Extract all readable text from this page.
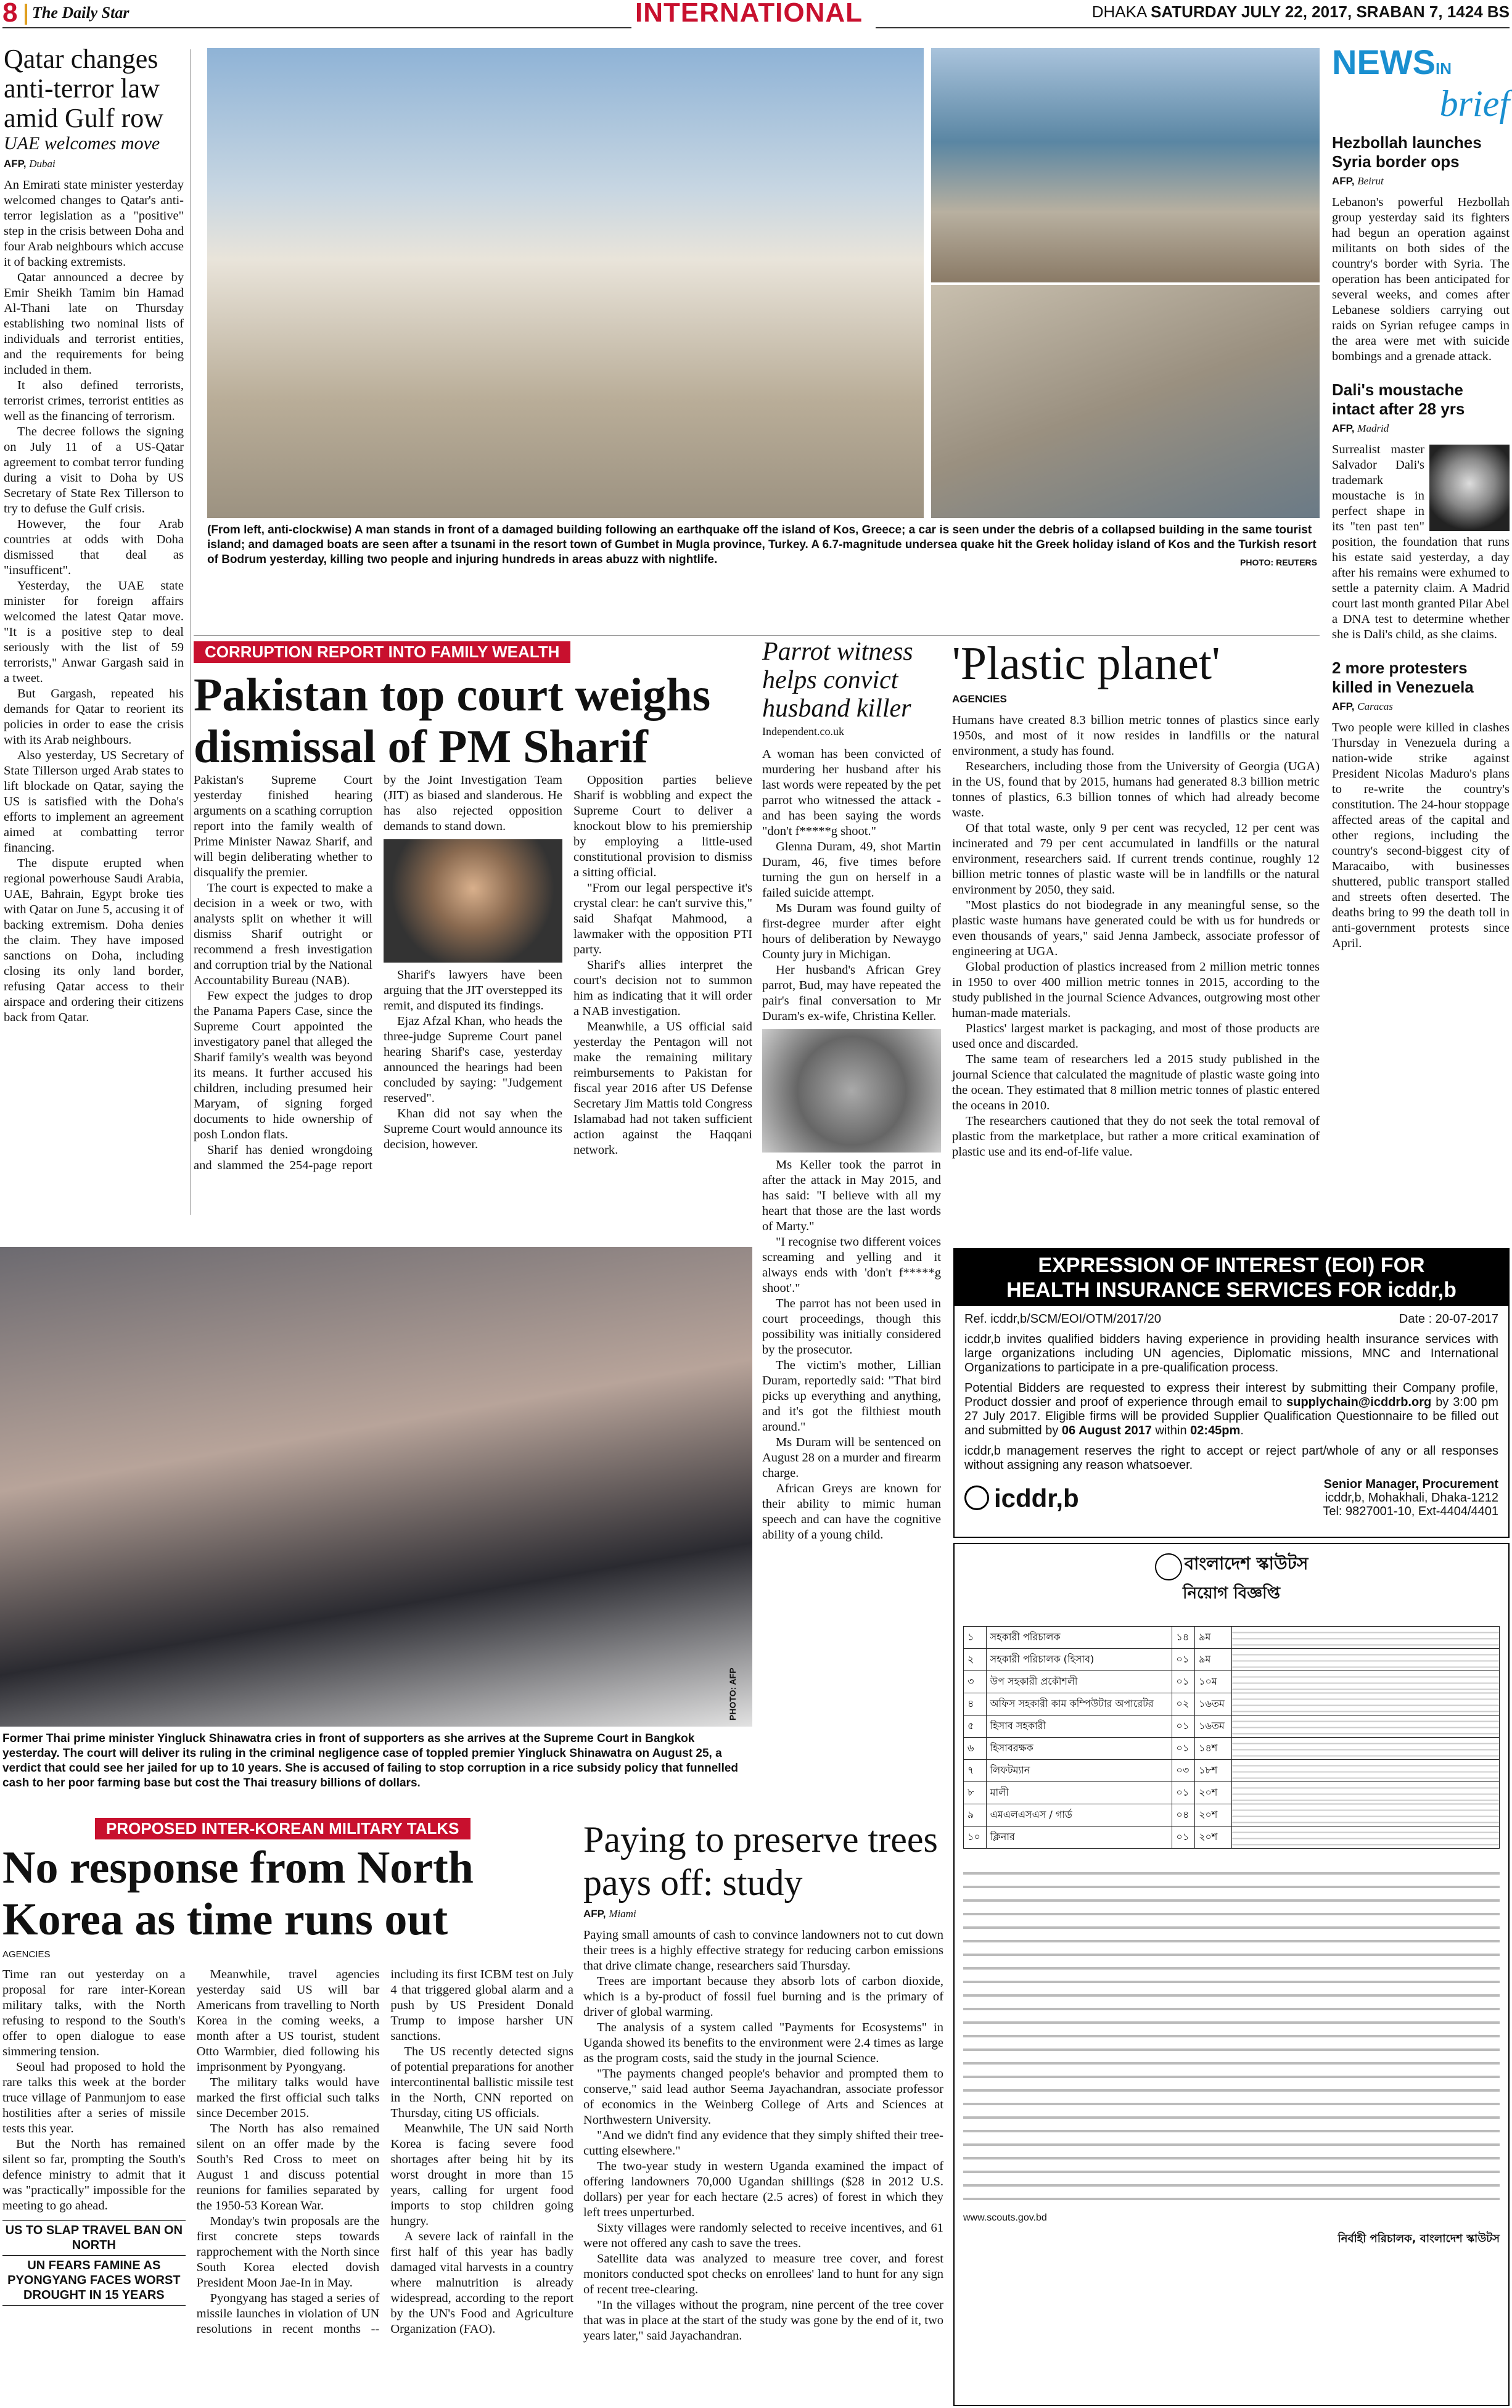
8 The Daily Star	INTERNATIONAL	DHAKA SATURDAY JULY 22, 2017, SRABAN 7, 1424 BS
Qatar changes anti-terror law amid Gulf row
UAE welcomes move
AFP, Dubai

An Emirati state minister yesterday welcomed changes to Qatar's anti-terror legislation as a "positive" step in the crisis between Doha and four Arab neighbours which accuse it of backing extremists.

Qatar announced a decree by Emir Sheikh Tamim bin Hamad Al-Thani late on Thursday establishing two nominal lists of individuals and terrorist entities, and the requirements for being included in them.

It also defined terrorists, terrorist crimes, terrorist entities as well as the financing of terrorism.

The decree follows the signing on July 11 of a US-Qatar agreement to combat terror funding during a visit to Doha by US Secretary of State Rex Tillerson to try to defuse the Gulf crisis.

However, the four Arab countries at odds with Doha dismissed that deal as "insufficent".

Yesterday, the UAE state minister for foreign affairs welcomed the latest Qatar move. "It is a positive step to deal seriously with the list of 59 terrorists," Anwar Gargash said in a tweet.

But Gargash, repeated his demands for Qatar to reorient its policies in order to ease the crisis with its Arab neighbours.

Also yesterday, US Secretary of State Tillerson urged Arab states to lift blockade on Qatar, saying the US is satisfied with the Doha's efforts to implement an agreement aimed at combatting terror financing.

The dispute erupted when regional powerhouse Saudi Arabia, UAE, Bahrain, Egypt broke ties with Qatar on June 5, accusing it of backing extremism. Doha denies the claim. They have imposed sanctions on Doha, including closing its only land border, refusing Qatar access to their airspace and ordering their citizens back from Qatar.

(From left, anti-clockwise) A man stands in front of a damaged building following an earthquake off the island of Kos, Greece; a car is seen under the debris of a collapsed building in the same tourist island; and damaged boats are seen after a tsunami in the resort town of Gumbet in Mugla province, Turkey. A 6.7-magnitude undersea quake hit the Greek holiday island of Kos and the Turkish resort of Bodrum yesterday, killing two people and injuring hundreds in areas abuzz with nightlife.	PHOTO: REUTERS
NEWSIN
brief
Hezbollah launches Syria border ops
AFP, Beirut

Lebanon's powerful Hezbollah group yesterday said its fighters had begun an operation against militants on both sides of the country's border with Syria. The operation has been anticipated for several weeks, and comes after Lebanese soldiers carrying out raids on Syrian refugee camps in the area were met with suicide bombings and a grenade attack.

Dali's moustache intact after 28 yrs
AFP, Madrid

Surrealist master Salvador Dali's trademark moustache is in perfect shape in its "ten past ten" position, the foundation that runs his estate said yesterday, a day after his remains were exhumed to settle a paternity claim. A Madrid court last month granted Pilar Abel a DNA test to determine whether she is Dali's child, as she claims.

2 more protesters killed in Venezuela
AFP, Caracas

Two people were killed in clashes Thursday in Venezuela during a nation-wide strike against President Nicolas Maduro's plans to re-write the country's constitution. The 24-hour stoppage affected areas of the capital and other regions, including the country's second-biggest city of Maracaibo, with businesses shuttered, public transport stalled and streets often deserted. The deaths bring to 99 the death toll in anti-government protests since April.

CORRUPTION REPORT INTO FAMILY WEALTH
Pakistan top court weighs dismissal of PM Sharif

Pakistan's Supreme Court yesterday finished hearing arguments on a scathing corruption report into the family wealth of Prime Minister Nawaz Sharif, and will begin deliberating whether to disqualify the premier.

The court is expected to make a decision in a week or two, with analysts split on whether it will dismiss Sharif outright or recommend a fresh investigation and corruption trial by the National Accountability Bureau (NAB).

Few expect the judges to drop the Panama Papers Case, since the Supreme Court appointed the investigatory panel that alleged the Sharif family's wealth was beyond its means. It further accused his children, including presumed heir Maryam, of signing forged documents to hide ownership of posh London flats.

Sharif has denied wrongdoing and slammed the 254-page report by the Joint Investigation Team (JIT) as biased and slanderous. He has also rejected opposition demands to stand down.

Sharif's lawyers have been arguing that the JIT overstepped its remit, and disputed its findings.

Ejaz Afzal Khan, who heads the three-judge Supreme Court panel hearing Sharif's case, yesterday announced the hearings had been concluded by saying: "Judgement reserved".

Khan did not say when the Supreme Court would announce its decision, however.

Opposition parties believe Sharif is wobbling and expect the Supreme Court to deliver a knockout blow to his premiership by employing a little-used constitutional provision to dismiss a sitting official.

"From our legal perspective it's crystal clear: he can't survive this," said Shafqat Mahmood, a lawmaker with the opposition PTI party.

Sharif's allies interpret the court's decision not to summon him as indicating that it will order a NAB investigation.

Meanwhile, a US official said yesterday the Pentagon will not make the remaining military reimbursements to Pakistan for fiscal year 2016 after US Defense Secretary Jim Mattis told Congress Islamabad had not taken sufficient action against the Haqqani network.

Parrot witness helps convict husband killer
Independent.co.uk

A woman has been convicted of murdering her husband after his last words were repeated by the pet parrot who witnessed the attack - and has been saying the words "don't f*****g shoot."

Glenna Duram, 49, shot Martin Duram, 46, five times before turning the gun on herself in a failed suicide attempt.

Ms Duram was found guilty of first-degree murder after eight hours of deliberation by Newaygo County jury in Michigan.

Her husband's African Grey parrot, Bud, may have repeated the pair's final conversation to Mr Duram's ex-wife, Christina Keller.

Ms Keller took the parrot in after the attack in May 2015, and has said: "I believe with all my heart that those are the last words of Marty."

"I recognise two different voices screaming and yelling and it always ends with 'don't f*****g shoot'."

The parrot has not been used in court proceedings, though this possibility was initially considered by the prosecutor.

The victim's mother, Lillian Duram, reportedly said: "That bird picks up everything and anything, and it's got the filthiest mouth around."

Ms Duram will be sentenced on August 28 on a murder and firearm charge.

African Greys are known for their ability to mimic human speech and can have the cognitive ability of a young child.

'Plastic planet'
AGENCIES

Humans have created 8.3 billion metric tonnes of plastics since early 1950s, and most of it now resides in landfills or the natural environment, a study has found.

Researchers, including those from the University of Georgia (UGA) in the US, found that by 2015, humans had generated 8.3 billion metric tonnes of plastics, 6.3 billion tonnes of which had already become waste.

Of that total waste, only 9 per cent was recycled, 12 per cent was incinerated and 79 per cent accumulated in landfills or the natural environment, researchers said. If current trends continue, roughly 12 billion metric tonnes of plastic waste will be in landfills or the natural environment by 2050, they said.

"Most plastics do not biodegrade in any meaningful sense, so the plastic waste humans have generated could be with us for hundreds or even thousands of years," said Jenna Jambeck, associate professor of engineering at UGA.

Global production of plastics increased from 2 million metric tonnes in 1950 to over 400 million metric tonnes in 2015, according to the study published in the journal Science Advances, outgrowing most other human-made materials.

Plastics' largest market is packaging, and most of those products are used once and discarded.

The same team of researchers led a 2015 study published in the journal Science that calculated the magnitude of plastic waste going into the ocean. They estimated that 8 million metric tonnes of plastic entered the oceans in 2010.

The researchers cautioned that they do not seek the total removal of plastic from the marketplace, but rather a more critical examination of plastic use and its end-of-life value.

Former Thai prime minister Yingluck Shinawatra cries in front of supporters as she arrives at the Supreme Court in Bangkok yesterday. The court will deliver its ruling in the criminal negligence case of toppled premier Yingluck Shinawatra on August 25, a verdict that could see her jailed for up to 10 years. She is accused of failing to stop corruption in a rice subsidy policy that funnelled cash to her poor farming base but cost the Thai treasury billions of dollars.
PHOTO: AFP
PROPOSED INTER-KOREAN MILITARY TALKS
No response from North Korea as time runs out
AGENCIES

Time ran out yesterday on a proposal for rare inter-Korean military talks, with the North refusing to respond to the South's offer to open dialogue to ease simmering tension.

Seoul had proposed to hold the rare talks this week at the border truce village of Panmunjom to ease hostilities after a series of missile tests this year.

But the North has remained silent so far, prompting the South's defence ministry to admit that it was "practically" impossible for the meeting to go ahead.

US TO SLAP TRAVEL BAN ON NORTH
UN FEARS FAMINE AS PYONGYANG FACES WORST DROUGHT IN 15 YEARS

Meanwhile, travel agencies yesterday said US will bar Americans from travelling to North Korea in the coming weeks, a month after a US tourist, student Otto Warmbier, died following his imprisonment by Pyongyang.

The military talks would have marked the first official such talks since December 2015.

The North has also remained silent on an offer made by the South's Red Cross to meet on August 1 and discuss potential reunions for families separated by the 1950-53 Korean War.

Monday's twin proposals are the first concrete steps towards rapprochement with the North since South Korea elected dovish President Moon Jae-In in May.

Pyongyang has staged a series of missile launches in violation of UN resolutions in recent months -- including its first ICBM test on July 4 that triggered global alarm and a push by US President Donald Trump to impose harsher UN sanctions.

The US recently detected signs of potential preparations for another intercontinental ballistic missile test in the North, CNN reported on Thursday, citing US officials.

Meanwhile, The UN said North Korea is facing severe food shortages after being hit by its worst drought in more than 15 years, calling for urgent food imports to stop children going hungry.

A severe lack of rainfall in the first half of this year has badly damaged vital harvests in a country where malnutrition is already widespread, according to the report by the UN's Food and Agriculture Organization (FAO).

Paying to preserve trees pays off: study
AFP, Miami

Paying small amounts of cash to convince landowners not to cut down their trees is a highly effective strategy for reducing carbon emissions that drive climate change, researchers said Thursday.

Trees are important because they absorb lots of carbon dioxide, which is a by-product of fossil fuel burning and is the primary of driver of global warming.

The analysis of a system called "Payments for Ecosystems" in Uganda showed its benefits to the environment were 2.4 times as large as the program costs, said the study in the journal Science.

"The payments changed people's behavior and prompted them to conserve," said lead author Seema Jayachandran, associate professor of economics in the Weinberg College of Arts and Sciences at Northwestern University.

"And we didn't find any evidence that they simply shifted their tree-cutting elsewhere."

The two-year study in western Uganda examined the impact of offering landowners 70,000 Ugandan shillings ($28 in 2012 U.S. dollars) per year for each hectare (2.5 acres) of forest in which they left trees unperturbed.

Sixty villages were randomly selected to receive incentives, and 61 were not offered any cash to save the trees.

Satellite data was analyzed to measure tree cover, and forest monitors conducted spot checks on enrollees' land to hunt for any sign of recent tree-clearing.

"In the villages without the program, nine percent of the tree cover that was in place at the start of the study was gone by the end of it, two years later," said Jayachandran.

EXPRESSION OF INTEREST (EOI) FOR
HEALTH INSURANCE SERVICES FOR icddr,b
Ref. icddr,b/SCM/EOI/OTM/2017/20	Date : 20-07-2017

icddr,b invites qualified bidders having experience in providing health insurance services with large organizations including UN agencies, Diplomatic missions, MNC and International Organizations to participate in a pre-qualification process.

Potential Bidders are requested to express their interest by submitting their Company profile, Product dossier and proof of experience through email to supplychain@icddrb.org by 3:00 pm 27 July 2017. Eligible firms will be provided Supplier Qualification Questionnaire to be filled out and submitted by 06 August 2017 within 02:45pm.

icddr,b management reserves the right to accept or reject part/whole of any or all responses without assigning any reason whatsoever.

icddr,b	Senior Manager, Procurement
icddr,b, Mohakhali, Dhaka-1212
Tel: 9827001-10, Ext-4404/4401
বাংলাদেশ স্কাউটস
নিয়োগ বিজ্ঞপ্তি
১	সহকারী পরিচালক	১৪	৯ম	
২	সহকারী পরিচালক (হিসাব)	০১	৯ম	
৩	উপ সহকারী প্রকৌশলী	০১	১০ম	
৪	অফিস সহকারী কাম কম্পিউটার অপারেটর	০২	১৬তম	
৫	হিসাব সহকারী	০১	১৬তম	
৬	হিসাবরক্ষক	০১	১৪শ	
৭	লিফটম্যান	০৩	১৮শ	
৮	মালী	০১	২০শ	
৯	এমএলএসএস / গার্ড	০৪	২০শ	
১০	ক্লিনার	০১	২০শ	
www.scouts.gov.bd
নির্বাহী পরিচালক, বাংলাদেশ স্কাউটস
